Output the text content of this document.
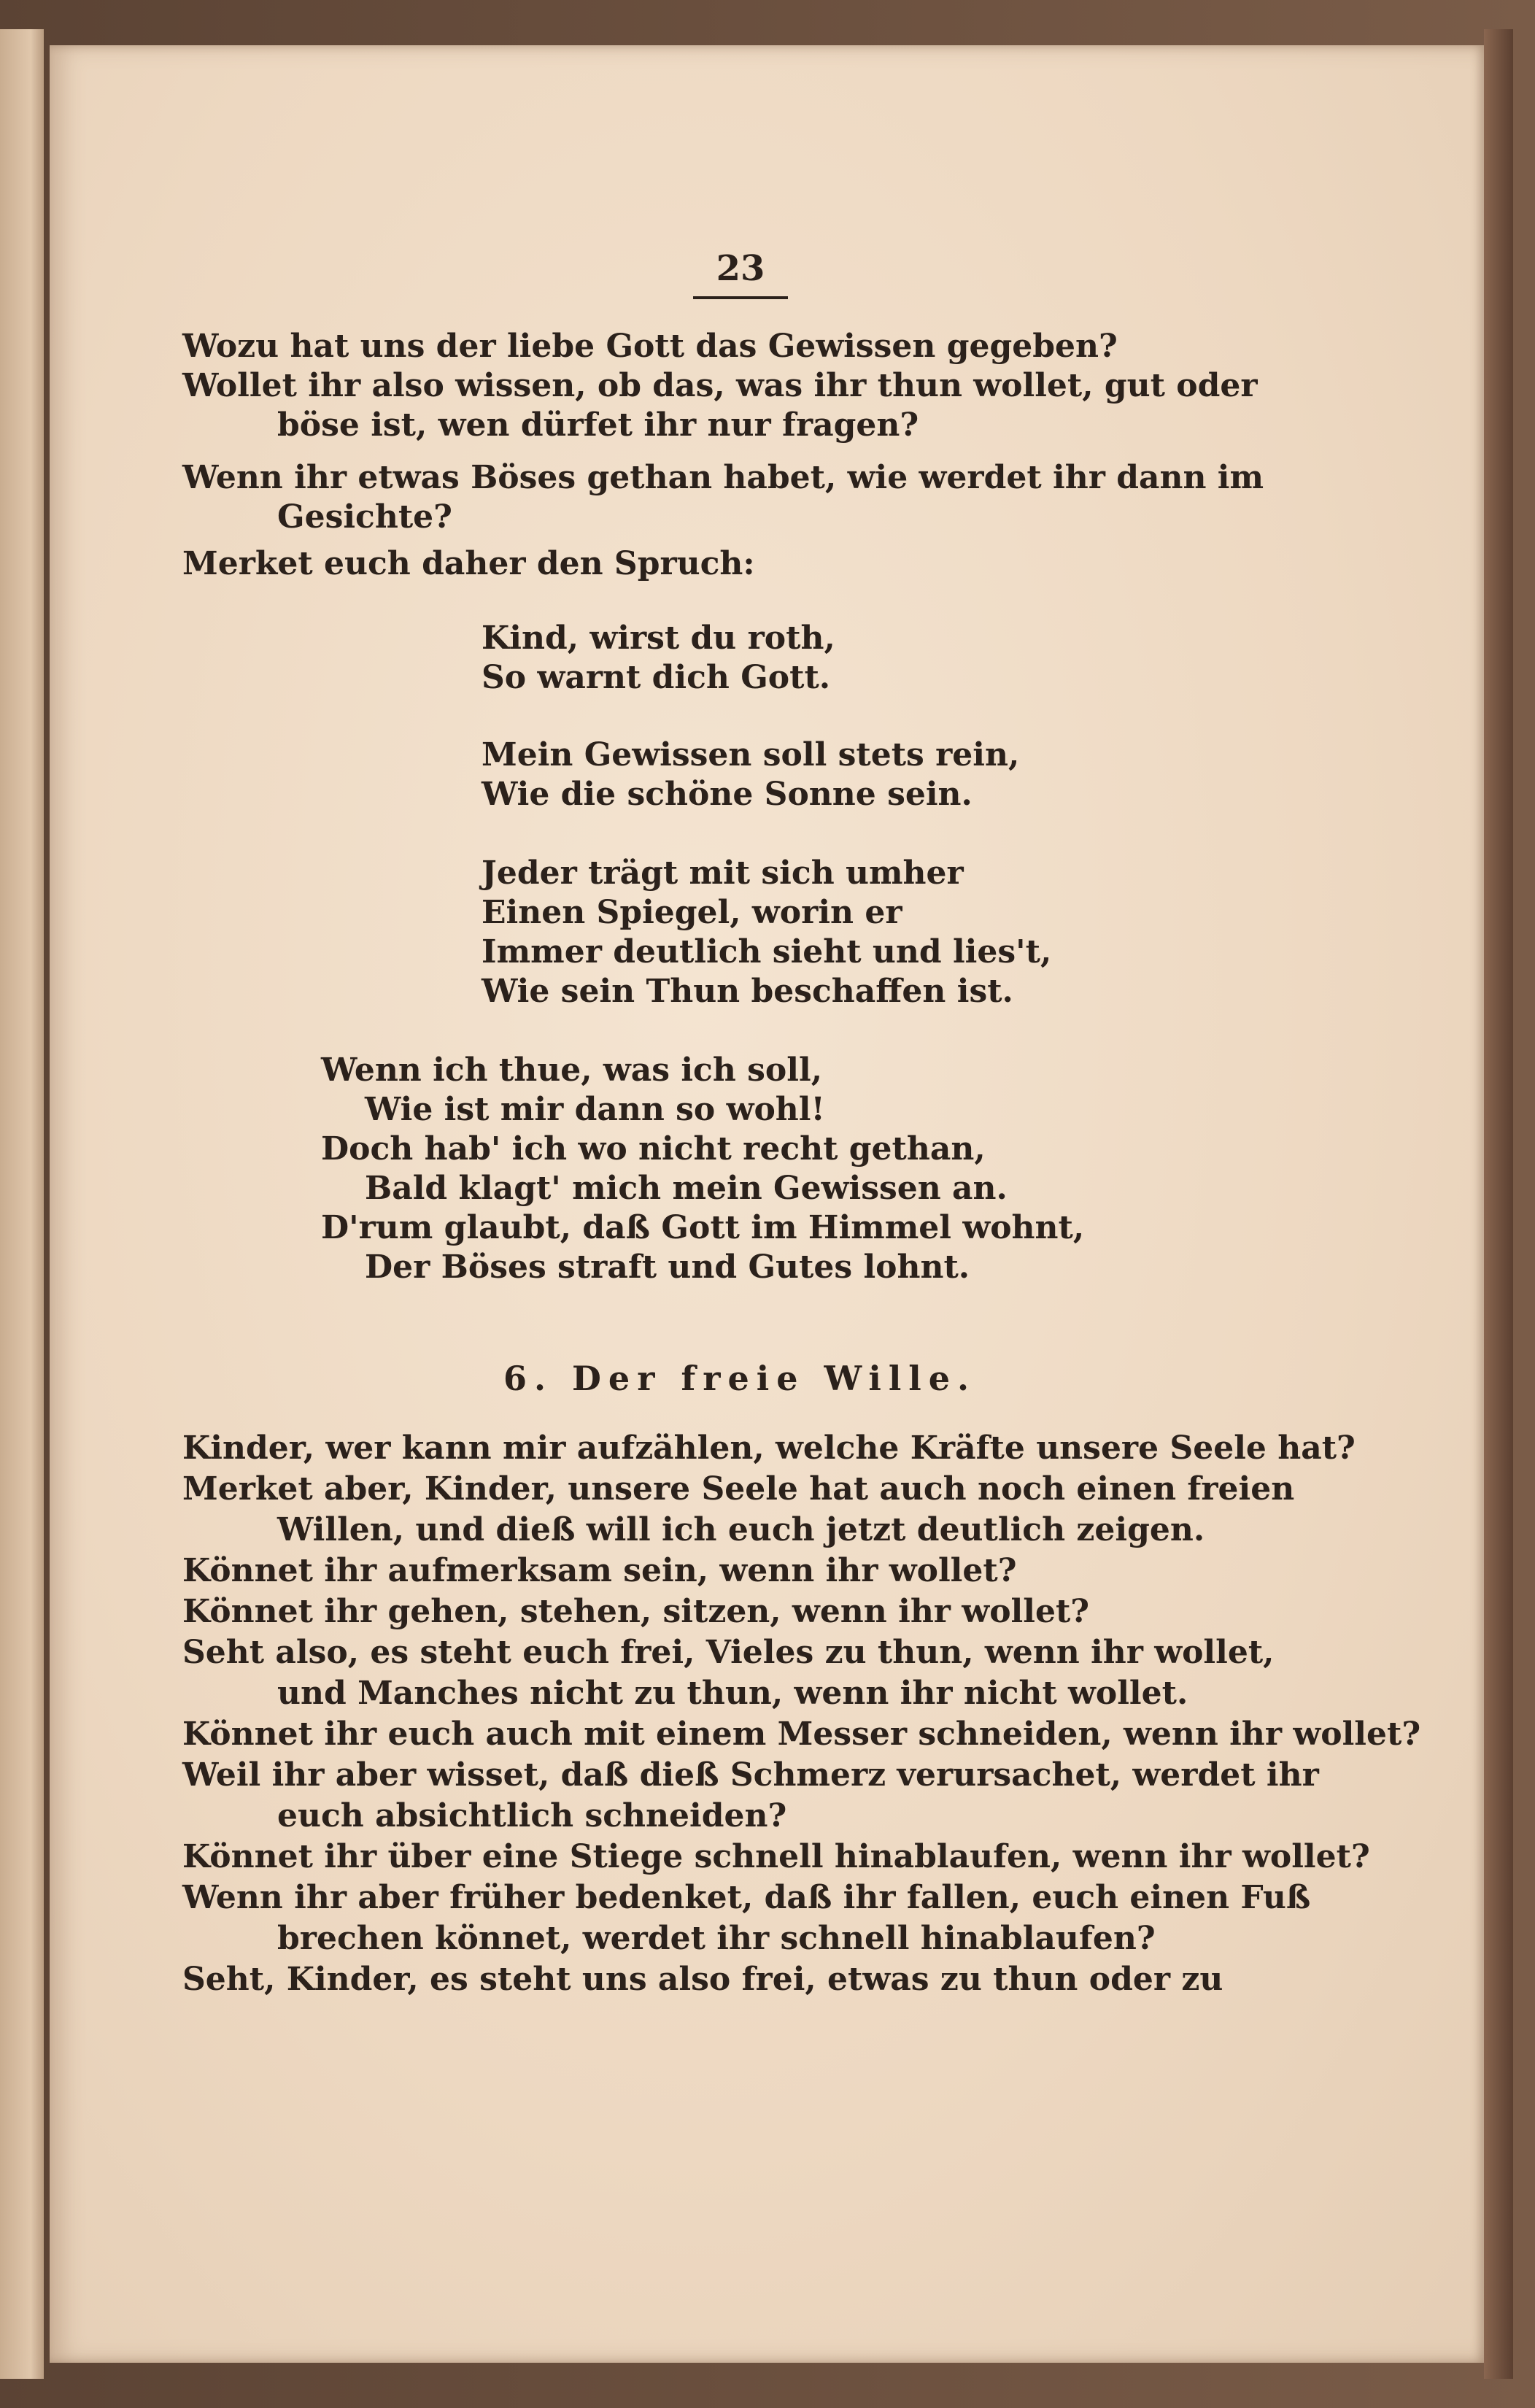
23
Wozu hat uns der liebe Gott das Gewissen gegeben?
Wollet ihr also wissen, ob das, was ihr thun wollet, gut oder
böse ist, wen dürfet ihr nur fragen?
Wenn ihr etwas Böses gethan habet, wie werdet ihr dann im
Gesichte?
Merket euch daher den Spruch:
Kind, wirst du roth,
So warnt dich Gott.
Mein Gewissen soll stets rein,
Wie die schöne Sonne sein.
Jeder trägt mit sich umher
Einen Spiegel, worin er
Immer deutlich sieht und lies't,
Wie sein Thun beschaffen ist.
Wenn ich thue, was ich soll,
Wie ist mir dann so wohl!
Doch hab' ich wo nicht recht gethan,
Bald klagt' mich mein Gewissen an.
D'rum glaubt, daß Gott im Himmel wohnt,
Der Böses straft und Gutes lohnt.
6. Der freie Wille.
Kinder, wer kann mir aufzählen, welche Kräfte unsere Seele hat?
Merket aber, Kinder, unsere Seele hat auch noch einen freien
Willen, und dieß will ich euch jetzt deutlich zeigen.
Könnet ihr aufmerksam sein, wenn ihr wollet?
Könnet ihr gehen, stehen, sitzen, wenn ihr wollet?
Seht also, es steht euch frei, Vieles zu thun, wenn ihr wollet,
und Manches nicht zu thun, wenn ihr nicht wollet.
Könnet ihr euch auch mit einem Messer schneiden, wenn ihr wollet?
Weil ihr aber wisset, daß dieß Schmerz verursachet, werdet ihr
euch absichtlich schneiden?
Könnet ihr über eine Stiege schnell hinablaufen, wenn ihr wollet?
Wenn ihr aber früher bedenket, daß ihr fallen, euch einen Fuß
brechen könnet, werdet ihr schnell hinablaufen?
Seht, Kinder, es steht uns also frei, etwas zu thun oder zu
